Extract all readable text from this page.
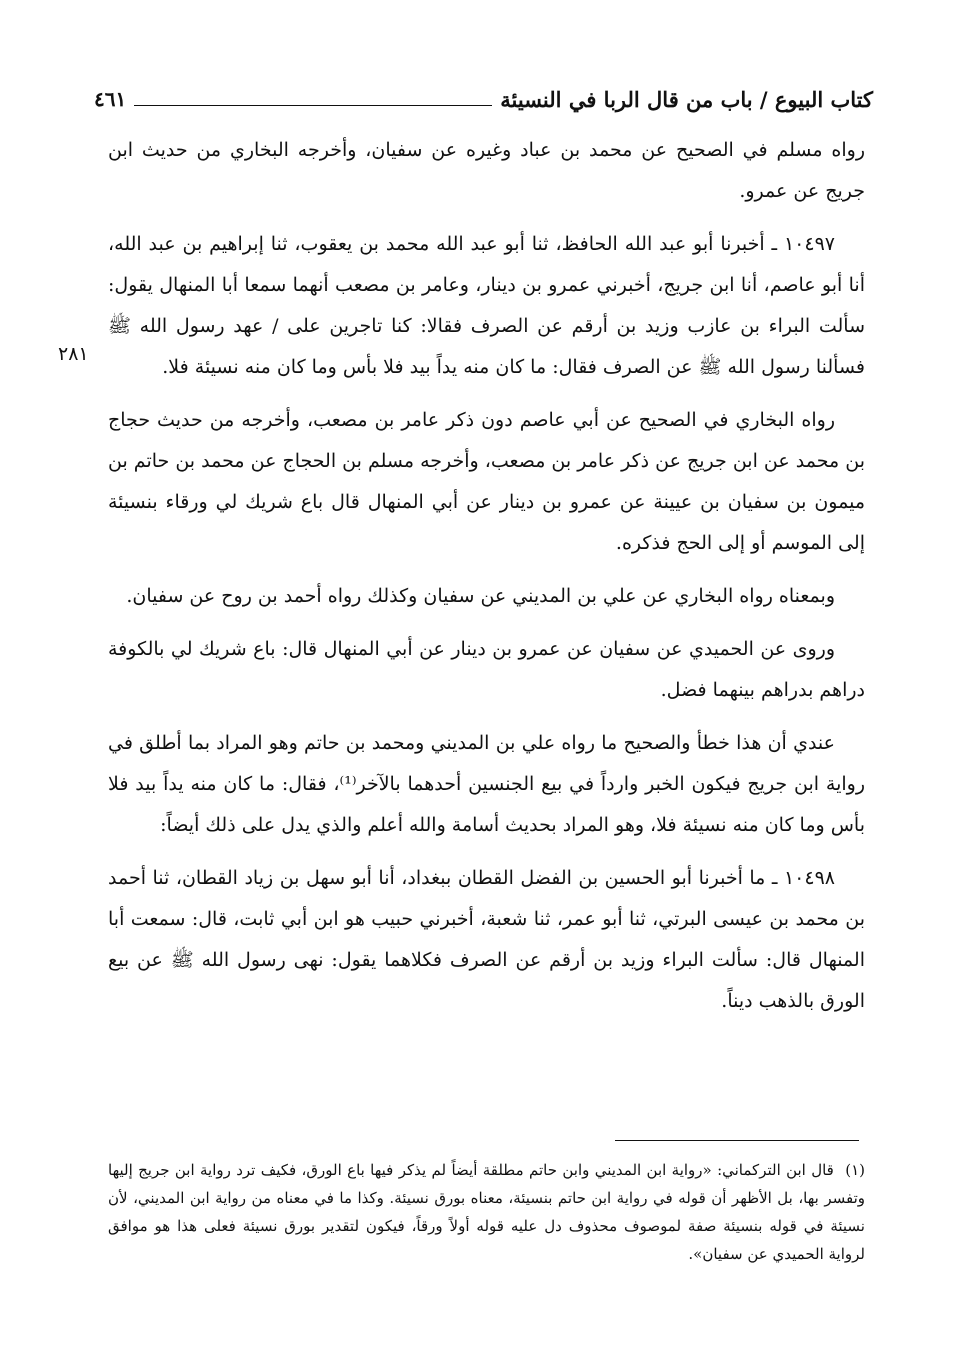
كتاب البيوع / باب من قال الربا في النسيئة
٤٦١
٢٨١

رواه مسلم في الصحيح عن محمد بن عباد وغيره عن سفيان، وأخرجه البخاري من حديث ابن جريج عن عمرو.

١٠٤٩٧ ـ أخبرنا أبو عبد الله الحافظ، ثنا أبو عبد الله محمد بن يعقوب، ثنا إبراهيم بن عبد الله، أنا أبو عاصم، أنا ابن جريج، أخبرني عمرو بن دينار، وعامر بن مصعب أنهما سمعا أبا المنهال يقول: سألت البراء بن عازب وزيد بن أرقم عن الصرف فقالا: كنا تاجرين على / عهد رسول الله ﷺ فسألنا رسول الله ﷺ عن الصرف فقال: ما كان منه يداً بيد فلا بأس وما كان منه نسيئة فلا.

رواه البخاري في الصحيح عن أبي عاصم دون ذكر عامر بن مصعب، وأخرجه من حديث حجاج بن محمد عن ابن جريج عن ذكر عامر بن مصعب، وأخرجه مسلم بن الحجاج عن محمد بن حاتم بن ميمون بن سفيان بن عيينة عن عمرو بن دينار عن أبي المنهال قال باع شريك لي ورقاء بنسيئة إلى الموسم أو إلى الحج فذكره.

وبمعناه رواه البخاري عن علي بن المديني عن سفيان وكذلك رواه أحمد بن روح عن سفيان.

وروى عن الحميدي عن سفيان عن عمرو بن دينار عن أبي المنهال قال: باع شريك لي بالكوفة دراهم بدراهم بينهما فضل.

عندي أن هذا خطأ والصحيح ما رواه علي بن المديني ومحمد بن حاتم وهو المراد بما أطلق في رواية ابن جريج فيكون الخبر وارداً في بيع الجنسين أحدهما بالآخر⁽¹⁾، فقال: ما كان منه يداً بيد فلا بأس وما كان منه نسيئة فلا، وهو المراد بحديث أسامة والله أعلم والذي يدل على ذلك أيضاً:

١٠٤٩٨ ـ ما أخبرنا أبو الحسين بن الفضل القطان ببغداد، أنا أبو سهل بن زياد القطان، ثنا أحمد بن محمد بن عيسى البرتي، ثنا أبو عمر، ثنا شعبة، أخبرني حبيب هو ابن أبي ثابت، قال: سمعت أبا المنهال قال: سألت البراء وزيد بن أرقم عن الصرف فكلاهما يقول: نهى رسول الله ﷺ عن بيع الورق بالذهب ديناً.

(١) قال ابن التركماني: «رواية ابن المديني وابن حاتم مطلقة أيضاً لم يذكر فيها باع الورق، فكيف ترد رواية ابن جريج إليها وتفسر بها، بل الأظهر أن قوله في رواية ابن حاتم بنسيئة، معناه بورق نسيئة. وكذا ما في معناه من رواية ابن المديني، لأن نسيئة في قوله بنسيئة صفة لموصوف محذوف دل عليه قوله أولاً ورقاً، فيكون لتقدير بورق نسيئة فعلى هذا هو موافق لرواية الحميدي عن سفيان».
